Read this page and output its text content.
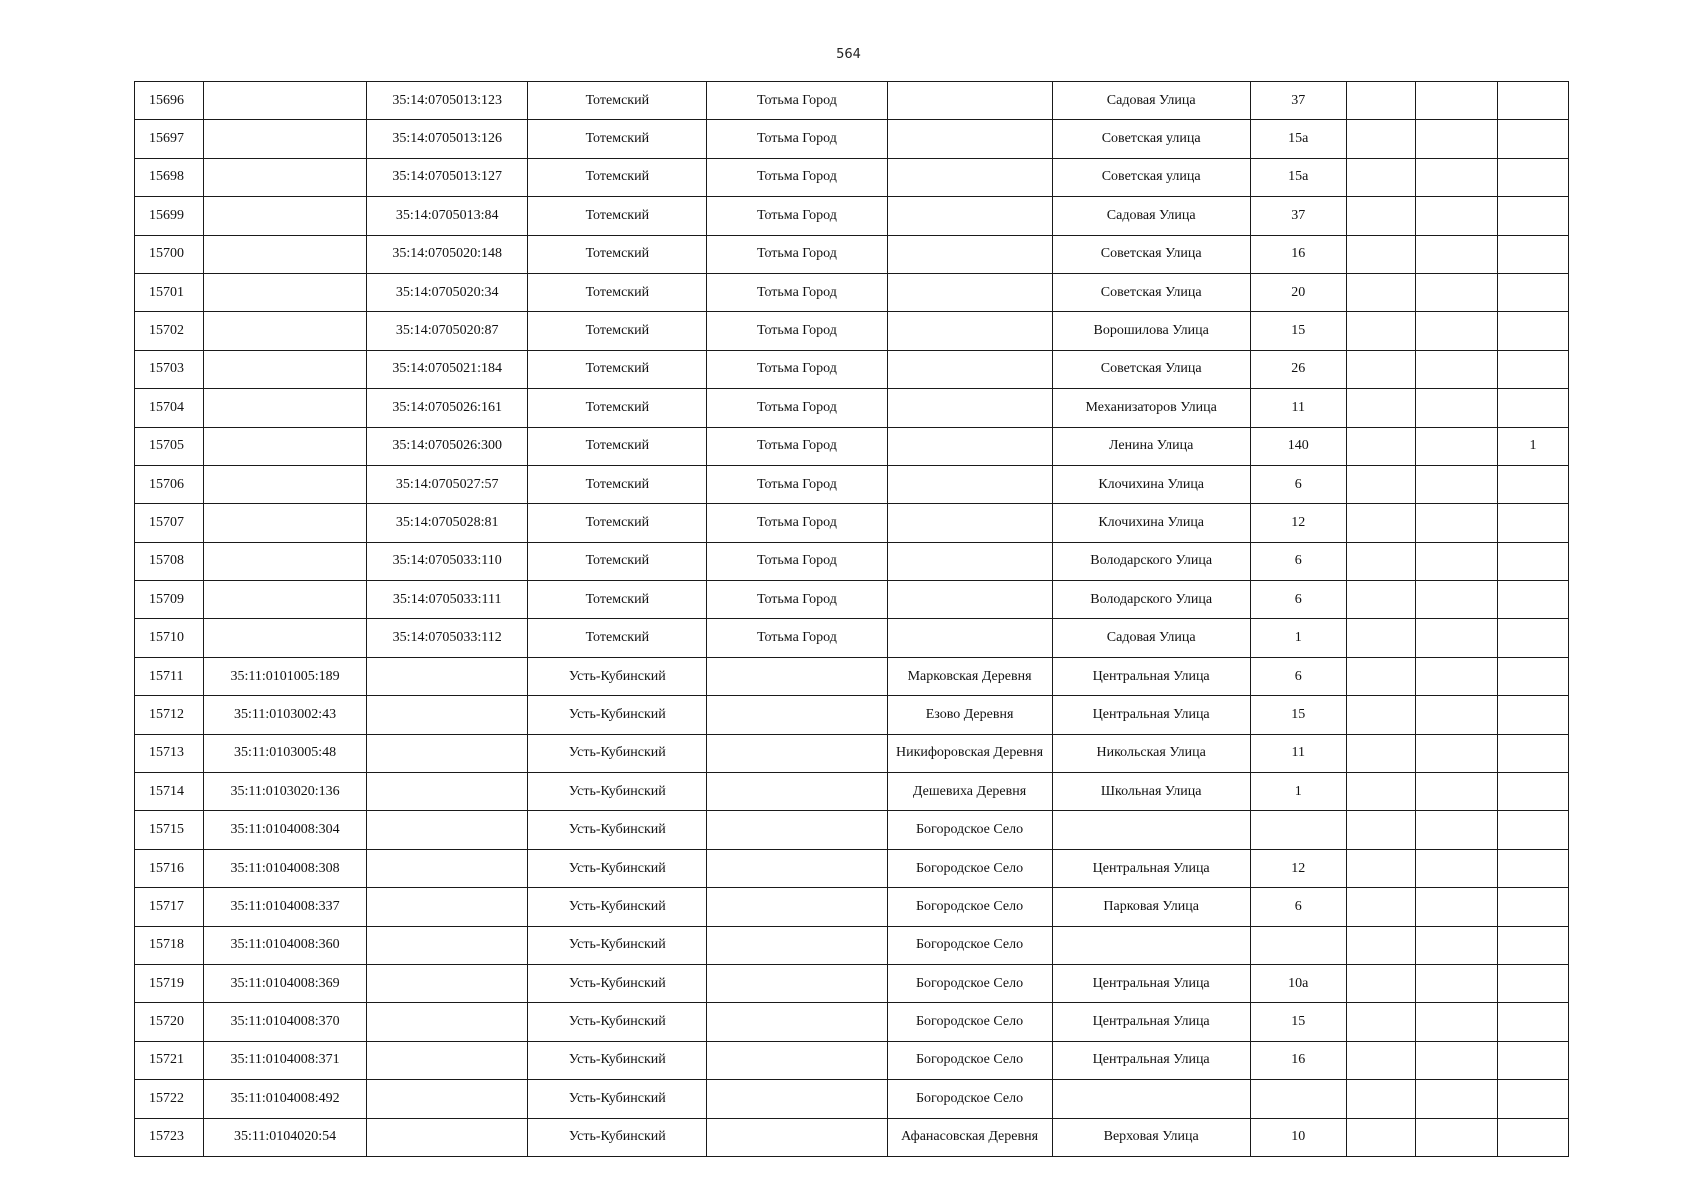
564
15696		35:14:0705013:123	Тотемский	Тотьма Город		Садовая Улица	37			
15697		35:14:0705013:126	Тотемский	Тотьма Город		Советская улица	15а			
15698		35:14:0705013:127	Тотемский	Тотьма Город		Советская улица	15а			
15699		35:14:0705013:84	Тотемский	Тотьма Город		Садовая Улица	37			
15700		35:14:0705020:148	Тотемский	Тотьма Город		Советская Улица	16			
15701		35:14:0705020:34	Тотемский	Тотьма Город		Советская Улица	20			
15702		35:14:0705020:87	Тотемский	Тотьма Город		Ворошилова Улица	15			
15703		35:14:0705021:184	Тотемский	Тотьма Город		Советская Улица	26			
15704		35:14:0705026:161	Тотемский	Тотьма Город		Механизаторов Улица	11			
15705		35:14:0705026:300	Тотемский	Тотьма Город		Ленина Улица	140			1
15706		35:14:0705027:57	Тотемский	Тотьма Город		Клочихина Улица	6			
15707		35:14:0705028:81	Тотемский	Тотьма Город		Клочихина Улица	12			
15708		35:14:0705033:110	Тотемский	Тотьма Город		Володарского Улица	6			
15709		35:14:0705033:111	Тотемский	Тотьма Город		Володарского Улица	6			
15710		35:14:0705033:112	Тотемский	Тотьма Город		Садовая Улица	1			
15711	35:11:0101005:189		Усть-Кубинский		Марковская Деревня	Центральная Улица	6			
15712	35:11:0103002:43		Усть-Кубинский		Езово Деревня	Центральная Улица	15			
15713	35:11:0103005:48		Усть-Кубинский		Никифоровская Деревня	Никольская Улица	11			
15714	35:11:0103020:136		Усть-Кубинский		Дешевиха Деревня	Школьная Улица	1			
15715	35:11:0104008:304		Усть-Кубинский		Богородское Село					
15716	35:11:0104008:308		Усть-Кубинский		Богородское Село	Центральная Улица	12			
15717	35:11:0104008:337		Усть-Кубинский		Богородское Село	Парковая Улица	6			
15718	35:11:0104008:360		Усть-Кубинский		Богородское Село					
15719	35:11:0104008:369		Усть-Кубинский		Богородское Село	Центральная Улица	10а			
15720	35:11:0104008:370		Усть-Кубинский		Богородское Село	Центральная Улица	15			
15721	35:11:0104008:371		Усть-Кубинский		Богородское Село	Центральная Улица	16			
15722	35:11:0104008:492		Усть-Кубинский		Богородское Село					
15723	35:11:0104020:54		Усть-Кубинский		Афанасовская Деревня	Верховая Улица	10			
